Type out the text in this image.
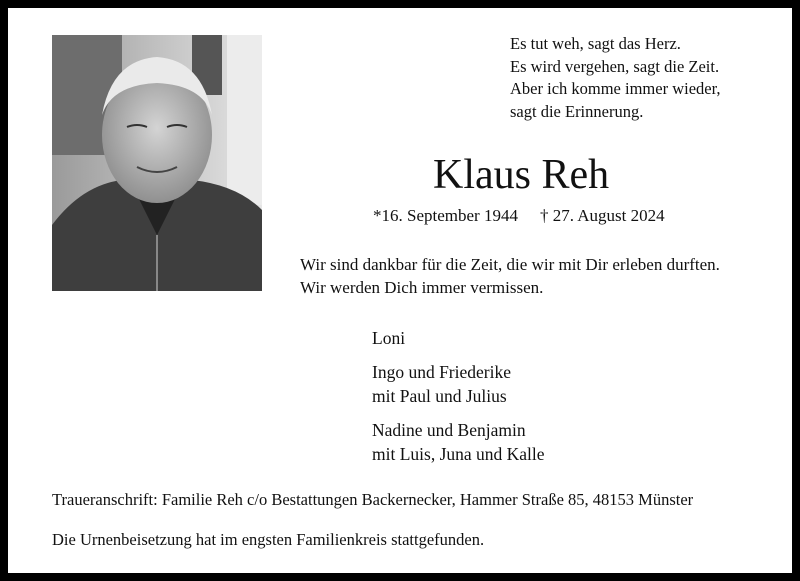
Es tut weh, sagt das Herz.
Es wird vergehen, sagt die Zeit.
Aber ich komme immer wieder,
sagt die Erinnerung.
Klaus Reh
*16. September 1944 † 27. August 2024
Wir sind dankbar für die Zeit, die wir mit Dir erleben durften.
Wir werden Dich immer vermissen.
Loni
Ingo und Friederike
mit Paul und Julius
Nadine und Benjamin
mit Luis, Juna und Kalle
Traueranschrift: Familie Reh c/o Bestattungen Backernecker, Hammer Straße 85, 48153 Münster
Die Urnenbeisetzung hat im engsten Familienkreis stattgefunden.
